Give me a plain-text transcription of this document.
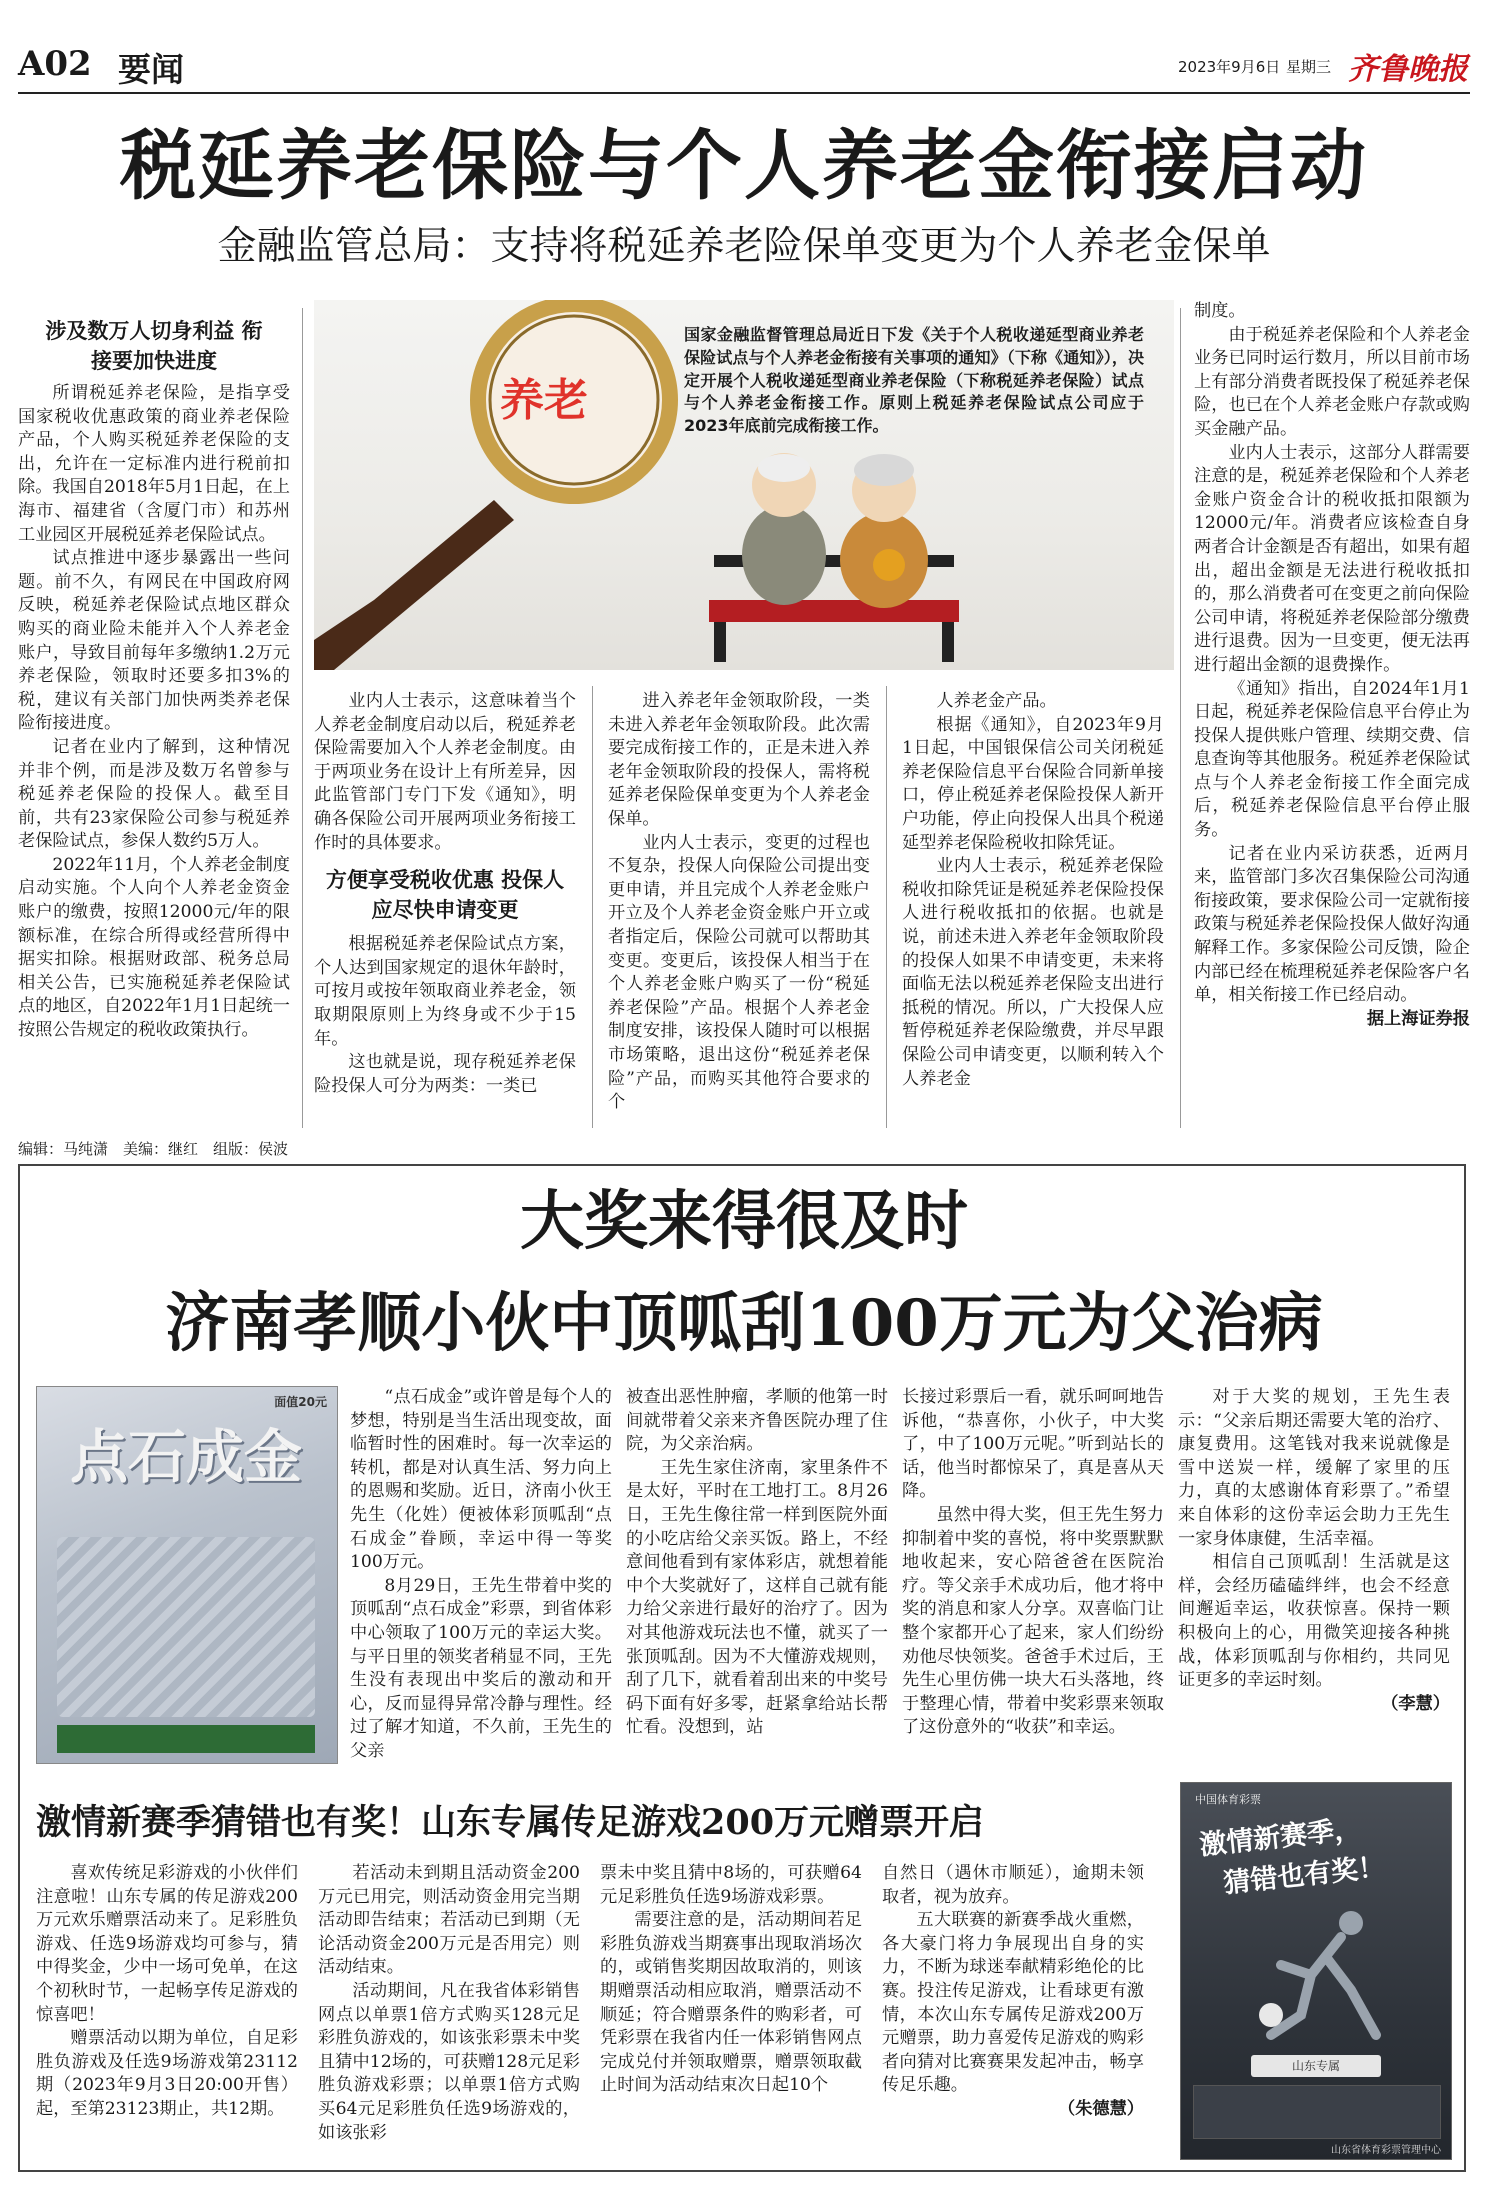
A02 要闻	2023年9月6日 星期三 齐鲁晚报
税延养老保险与个人养老金衔接启动
金融监管总局：支持将税延养老险保单变更为个人养老金保单
养老
国家金融监督管理总局近日下发《关于个人税收递延型商业养老保险试点与个人养老金衔接有关事项的通知》（下称《通知》），决定开展个人税收递延型商业养老保险（下称税延养老保险）试点与个人养老金衔接工作。原则上税延养老保险试点公司应于2023年底前完成衔接工作。

涉及数万人切身利益 衔接要加快进度

所谓税延养老保险，是指享受国家税收优惠政策的商业养老保险产品，个人购买税延养老保险的支出，允许在一定标准内进行税前扣除。我国自2018年5月1日起，在上海市、福建省（含厦门市）和苏州工业园区开展税延养老保险试点。

试点推进中逐步暴露出一些问题。前不久，有网民在中国政府网反映，税延养老保险试点地区群众购买的商业险未能并入个人养老金账户，导致目前每年多缴纳1.2万元养老保险，领取时还要多扣3%的税，建议有关部门加快两类养老保险衔接进度。

记者在业内了解到，这种情况并非个例，而是涉及数万名曾参与税延养老保险的投保人。截至目前，共有23家保险公司参与税延养老保险试点，参保人数约5万人。

2022年11月，个人养老金制度启动实施。个人向个人养老金资金账户的缴费，按照12000元/年的限额标准，在综合所得或经营所得中据实扣除。根据财政部、税务总局相关公告，已实施税延养老保险试点的地区，自2022年1月1日起统一按照公告规定的税收政策执行。

业内人士表示，这意味着当个人养老金制度启动以后，税延养老保险需要加入个人养老金制度。由于两项业务在设计上有所差异，因此监管部门专门下发《通知》，明确各保险公司开展两项业务衔接工作时的具体要求。

方便享受税收优惠 投保人应尽快申请变更

根据税延养老保险试点方案，个人达到国家规定的退休年龄时，可按月或按年领取商业养老金，领取期限原则上为终身或不少于15年。

这也就是说，现存税延养老保险投保人可分为两类：一类已

进入养老年金领取阶段，一类未进入养老年金领取阶段。此次需要完成衔接工作的，正是未进入养老年金领取阶段的投保人，需将税延养老保险保单变更为个人养老金保单。

业内人士表示，变更的过程也不复杂，投保人向保险公司提出变更申请，并且完成个人养老金账户开立及个人养老金资金账户开立或者指定后，保险公司就可以帮助其变更。变更后，该投保人相当于在个人养老金账户购买了一份“税延养老保险”产品。根据个人养老金制度安排，该投保人随时可以根据市场策略，退出这份“税延养老保险”产品，而购买其他符合要求的个

人养老金产品。

根据《通知》，自2023年9月1日起，中国银保信公司关闭税延养老保险信息平台保险合同新单接口，停止税延养老保险投保人新开户功能，停止向投保人出具个税递延型养老保险税收扣除凭证。

业内人士表示，税延养老保险税收扣除凭证是税延养老保险投保人进行税收抵扣的依据。也就是说，前述未进入养老年金领取阶段的投保人如果不申请变更，未来将面临无法以税延养老保险支出进行抵税的情况。所以，广大投保人应暂停税延养老保险缴费，并尽早跟保险公司申请变更，以顺利转入个人养老金

制度。

由于税延养老保险和个人养老金业务已同时运行数月，所以目前市场上有部分消费者既投保了税延养老保险，也已在个人养老金账户存款或购买金融产品。

业内人士表示，这部分人群需要注意的是，税延养老保险和个人养老金账户资金合计的税收抵扣限额为12000元/年。消费者应该检查自身两者合计金额是否有超出，如果有超出，超出金额是无法进行税收抵扣的，那么消费者可在变更之前向保险公司申请，将税延养老保险部分缴费进行退费。因为一旦变更，便无法再进行超出金额的退费操作。

《通知》指出，自2024年1月1日起，税延养老保险信息平台停止为投保人提供账户管理、续期交费、信息查询等其他服务。税延养老保险试点与个人养老金衔接工作全面完成后，税延养老保险信息平台停止服务。

记者在业内采访获悉，近两月来，监管部门多次召集保险公司沟通衔接政策，要求保险公司一定就衔接政策与税延养老保险投保人做好沟通解释工作。多家保险公司反馈，险企内部已经在梳理税延养老保险客户名单，相关衔接工作已经启动。

据上海证券报

编辑：马纯潇　美编：继红　组版：侯波
大奖来得很及时
济南孝顺小伙中顶呱刮100万元为父治病
面值20元
点石成金

“点石成金”或许曾是每个人的梦想，特别是当生活出现变故，面临暂时性的困难时。每一次幸运的转机，都是对认真生活、努力向上的恩赐和奖励。近日，济南小伙王先生（化姓）便被体彩顶呱刮“点石成金”眷顾，幸运中得一等奖100万元。

8月29日，王先生带着中奖的顶呱刮“点石成金”彩票，到省体彩中心领取了100万元的幸运大奖。与平日里的领奖者稍显不同，王先生没有表现出中奖后的激动和开心，反而显得异常冷静与理性。经过了解才知道，不久前，王先生的父亲

被查出恶性肿瘤，孝顺的他第一时间就带着父亲来齐鲁医院办理了住院，为父亲治病。

王先生家住济南，家里条件不是太好，平时在工地打工。8月26日，王先生像往常一样到医院外面的小吃店给父亲买饭。路上，不经意间他看到有家体彩店，就想着能中个大奖就好了，这样自己就有能力给父亲进行最好的治疗了。因为对其他游戏玩法也不懂，就买了一张顶呱刮。因为不大懂游戏规则，刮了几下，就看着刮出来的中奖号码下面有好多零，赶紧拿给站长帮忙看。没想到，站

长接过彩票后一看，就乐呵呵地告诉他，“恭喜你，小伙子，中大奖了，中了100万元呢。”听到站长的话，他当时都惊呆了，真是喜从天降。

虽然中得大奖，但王先生努力抑制着中奖的喜悦，将中奖票默默地收起来，安心陪爸爸在医院治疗。等父亲手术成功后，他才将中奖的消息和家人分享。双喜临门让整个家都开心了起来，家人们纷纷劝他尽快领奖。爸爸手术过后，王先生心里仿佛一块大石头落地，终于整理心情，带着中奖彩票来领取了这份意外的“收获”和幸运。

对于大奖的规划，王先生表示：“父亲后期还需要大笔的治疗、康复费用。这笔钱对我来说就像是雪中送炭一样，缓解了家里的压力，真的太感谢体育彩票了。”希望来自体彩的这份幸运会助力王先生一家身体康健，生活幸福。

相信自己顶呱刮！生活就是这样，会经历磕磕绊绊，也会不经意间邂逅幸运，收获惊喜。保持一颗积极向上的心，用微笑迎接各种挑战，体彩顶呱刮与你相约，共同见证更多的幸运时刻。

（李慧）

激情新赛季猜错也有奖！山东专属传足游戏200万元赠票开启
中国体育彩票
激情新赛季，
猜错也有奖！
山东专属
山东省体育彩票管理中心

喜欢传统足彩游戏的小伙伴们注意啦！山东专属的传足游戏200万元欢乐赠票活动来了。足彩胜负游戏、任选9场游戏均可参与，猜中得奖金，少中一场可免单，在这个初秋时节，一起畅享传足游戏的惊喜吧！

赠票活动以期为单位，自足彩胜负游戏及任选9场游戏第23112期（2023年9月3日20:00开售）起，至第23123期止，共12期。

若活动未到期且活动资金200万元已用完，则活动资金用完当期活动即告结束；若活动已到期（无论活动资金200万元是否用完）则活动结束。

活动期间，凡在我省体彩销售网点以单票1倍方式购买128元足彩胜负游戏的，如该张彩票未中奖且猜中12场的，可获赠128元足彩胜负游戏彩票；以单票1倍方式购买64元足彩胜负任选9场游戏的，如该张彩

票未中奖且猜中8场的，可获赠64元足彩胜负任选9场游戏彩票。

需要注意的是，活动期间若足彩胜负游戏当期赛事出现取消场次的，或销售奖期因故取消的，则该期赠票活动相应取消，赠票活动不顺延；符合赠票条件的购彩者，可凭彩票在我省内任一体彩销售网点完成兑付并领取赠票，赠票领取截止时间为活动结束次日起10个

自然日（遇休市顺延），逾期未领取者，视为放弃。

五大联赛的新赛季战火重燃，各大豪门将力争展现出自身的实力，不断为球迷奉献精彩绝伦的比赛。投注传足游戏，让看球更有激情，本次山东专属传足游戏200万元赠票，助力喜爱传足游戏的购彩者向猜对比赛赛果发起冲击，畅享传足乐趣。

（朱德慧）
